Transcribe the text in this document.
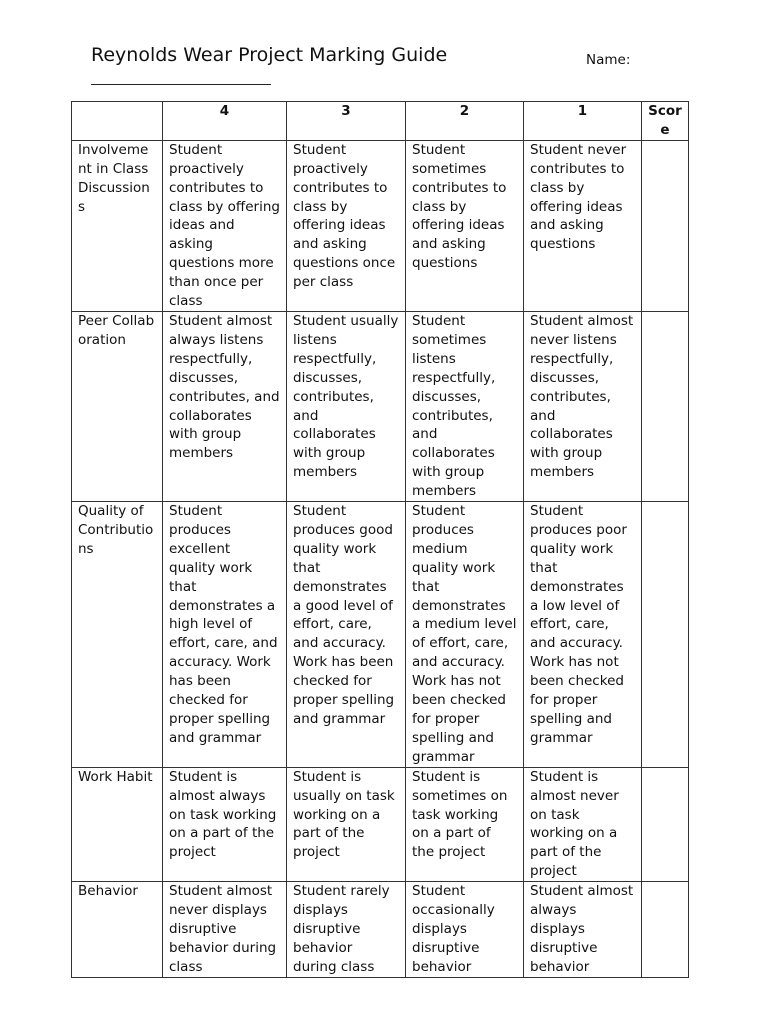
Reynolds Wear Project Marking Guide	Name:
	4	3	2	1	Score
Involvement in Class Discussions	Student proactively contributes to class by offering ideas and asking questions more than once per class	Student proactively contributes to class by offering ideas and asking questions once per class	Student sometimes contributes to class by offering ideas and asking questions	Student never contributes to class by offering ideas and asking questions	
Peer Collaboration	Student almost always listens respectfully, discusses, contributes, and collaborates with group members	Student usually listens respectfully, discusses, contributes, and collaborates with group members	Student sometimes listens respectfully, discusses, contributes, and collaborates with group members	Student almost never listens respectfully, discusses, contributes, and collaborates with group members	
Quality of Contributions	Student produces excellent quality work that demonstrates a high level of effort, care, and accuracy. Work has been checked for proper spelling and grammar	Student produces good quality work that demonstrates a good level of effort, care, and accuracy. Work has been checked for proper spelling and grammar	Student produces medium quality work that demonstrates a medium level of effort, care, and accuracy. Work has not been checked for proper spelling and grammar	Student produces poor quality work that demonstrates a low level of effort, care, and accuracy. Work has not been checked for proper spelling and grammar	
Work Habit	Student is almost always on task working on a part of the project	Student is usually on task working on a part of the project	Student is sometimes on task working on a part of the project	Student is almost never on task working on a part of the project	
Behavior	Student almost never displays disruptive behavior during class	Student rarely displays disruptive behavior during class	Student occasionally displays disruptive behavior	Student almost always displays disruptive behavior	
